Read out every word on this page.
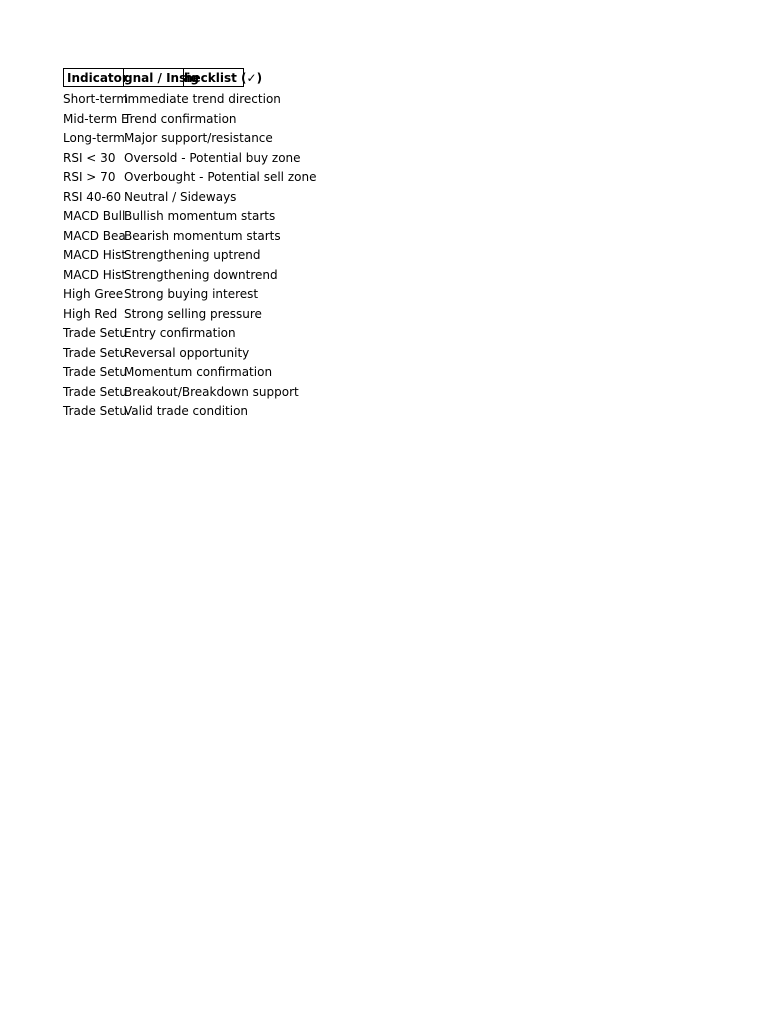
Indicator
gnal / Insig
hecklist (✓)
Short-term
Immediate trend direction
Mid-term E
Trend confirmation
Long-term Major support/resistance
RSI < 30 Oversold - Potential buy zone
RSI > 70 Overbought - Potential sell zone
RSI 40-60 Neutral / Sideways
MACD Bull
Bullish momentum starts
MACD Bea
Bearish momentum starts
MACD Hist
Strengthening uptrend
MACD Hist
Strengthening downtrend
High Gree Strong buying interest
High Red Strong selling pressure
Trade Setu
Entry confirmation
Trade Setu
Reversal opportunity
Trade Setu
Momentum confirmation
Trade Setu
Breakout/Breakdown support
Trade Setu
Valid trade condition
